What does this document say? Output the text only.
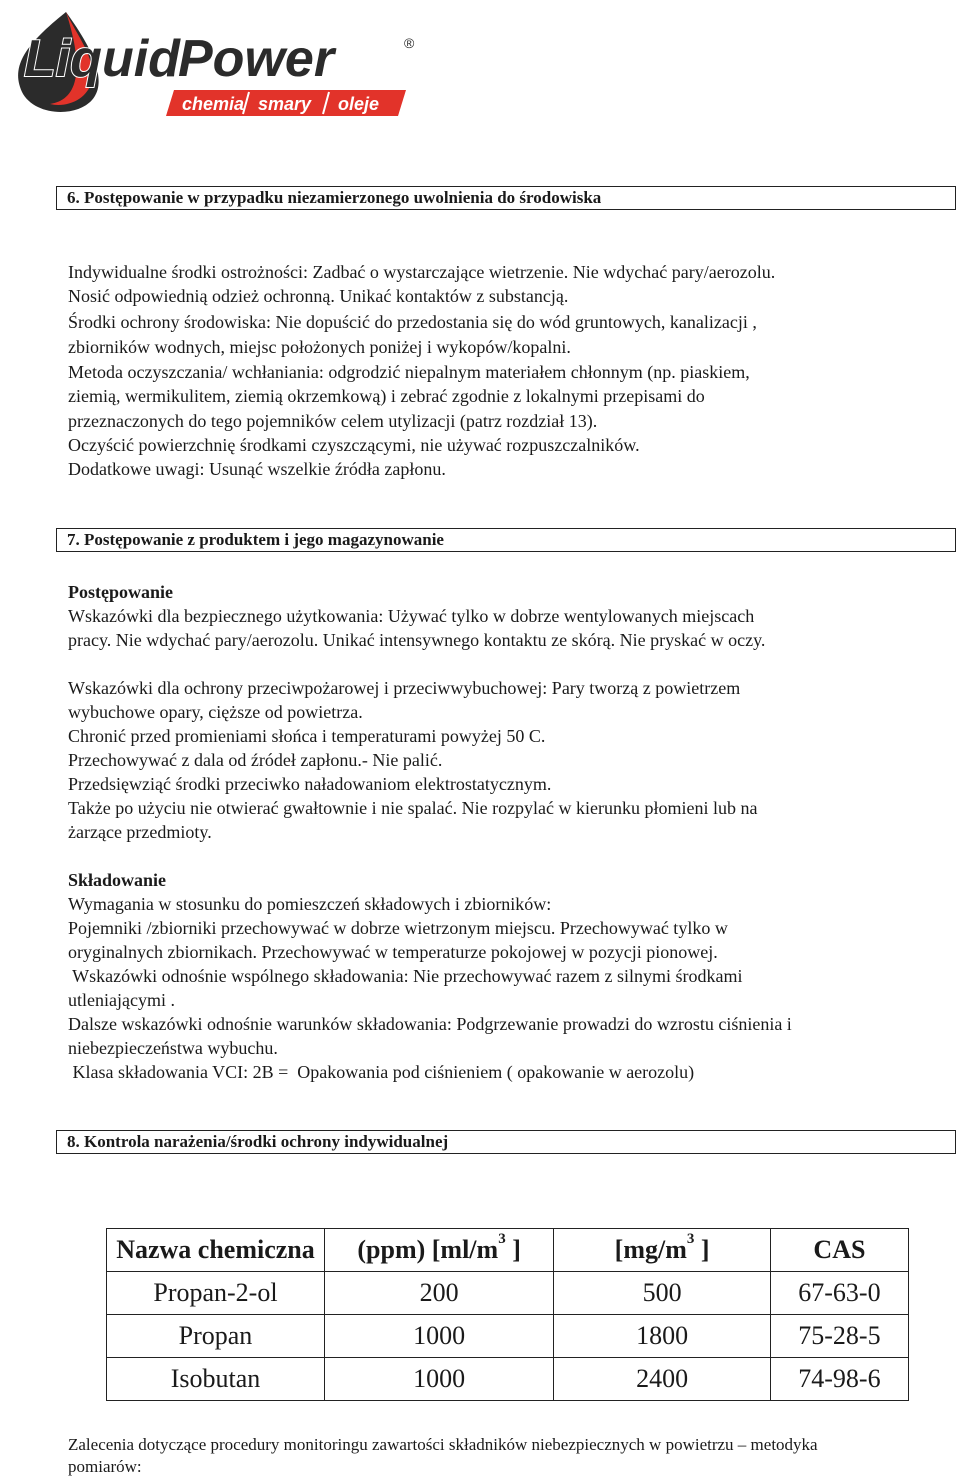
Liquid
Power	®
chemia smary oleje
6. Postępowanie w przypadku niezamierzonego uwolnienia do środowiska
Indywidualne środki ostrożności: Zadbać o wystarczające wietrzenie. Nie wdychać pary/aerozolu.
Nosić odpowiednią odzież ochronną. Unikać kontaktów z substancją.
Środki ochrony środowiska: Nie dopuścić do przedostania się do wód gruntowych, kanalizacji ,
zbiorników wodnych, miejsc położonych poniżej i wykopów/kopalni.
Metoda oczyszczania/ wchłaniania: odgrodzić niepalnym materiałem chłonnym (np. piaskiem,
ziemią, wermikulitem, ziemią okrzemkową) i zebrać zgodnie z lokalnymi przepisami do
przeznaczonych do tego pojemników celem utylizacji (patrz rozdział 13).
Oczyścić powierzchnię środkami czyszczącymi, nie używać rozpuszczalników.
Dodatkowe uwagi: Usunąć wszelkie źródła zapłonu.
7. Postępowanie z produktem i jego magazynowanie
Postępowanie
Wskazówki dla bezpiecznego użytkowania: Używać tylko w dobrze wentylowanych miejscach
pracy. Nie wdychać pary/aerozolu. Unikać intensywnego kontaktu ze skórą. Nie pryskać w oczy.
Wskazówki dla ochrony przeciwpożarowej i przeciwwybuchowej: Pary tworzą z powietrzem
wybuchowe opary, cięższe od powietrza.
Chronić przed promieniami słońca i temperaturami powyżej 50 C.
Przechowywać z dala od źródeł zapłonu.- Nie palić.
Przedsięwziąć środki przeciwko naładowaniom elektrostatycznym.
Także po użyciu nie otwierać gwałtownie i nie spalać. Nie rozpylać w kierunku płomieni lub na
żarzące przedmioty.
Składowanie
Wymagania w stosunku do pomieszczeń składowych i zbiorników:
Pojemniki /zbiorniki przechowywać w dobrze wietrzonym miejscu. Przechowywać tylko w
oryginalnych zbiornikach. Przechowywać w temperaturze pokojowej w pozycji pionowej.
Wskazówki odnośnie wspólnego składowania: Nie przechowywać razem z silnymi środkami
utleniającymi .
Dalsze wskazówki odnośnie warunków składowania: Podgrzewanie prowadzi do wzrostu ciśnienia i
niebezpieczeństwa wybuchu.
Klasa składowania VCI: 2B =  Opakowania pod ciśnieniem ( opakowanie w aerozolu)
8. Kontrola narażenia/środki ochrony indywidualnej
Nazwa chemiczna	(ppm) [$ml/m^3$ ]	[$mg/m^3$ ]	CAS
Propan-2-ol	200	500	67-63-0
Propan	1000	1800	75-28-5
Isobutan	1000	2400	74-98-6
Zalecenia dotyczące procedury monitoringu zawartości składników niebezpiecznych w powietrzu – metodyka
pomiarów:
